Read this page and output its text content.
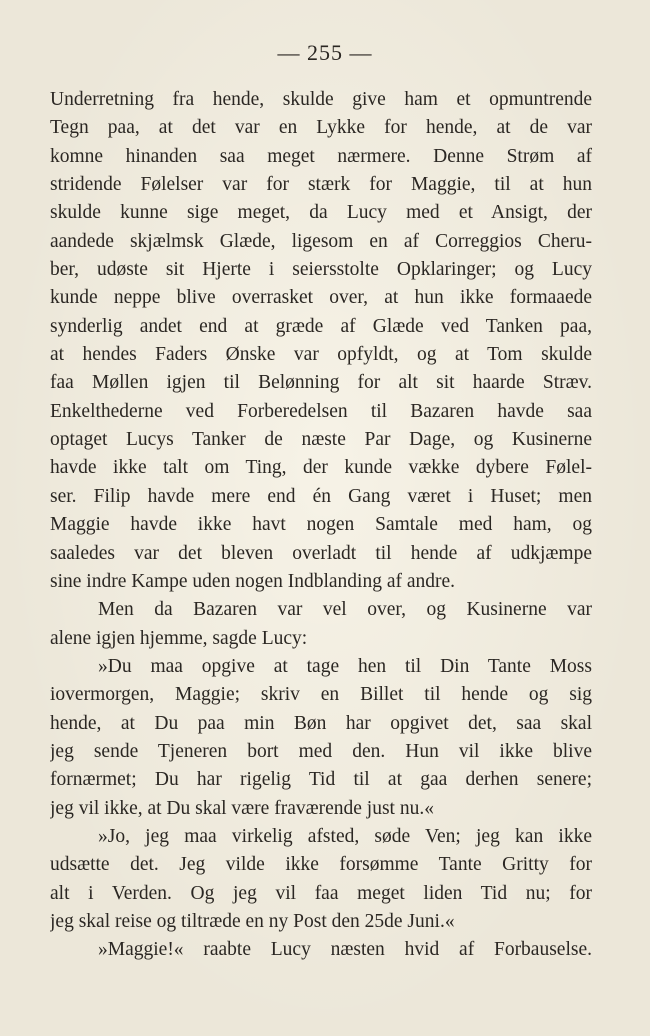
— 255 —
Underretning fra hende, skulde give ham et opmuntrende
Tegn paa, at det var en Lykke for hende, at de var
komne hinanden saa meget nærmere. Denne Strøm af
stridende Følelser var for stærk for Maggie, til at hun
skulde kunne sige meget, da Lucy med et Ansigt, der
aandede skjælmsk Glæde, ligesom en af Correggios Cheru-
ber, udøste sit Hjerte i seiersstolte Opklaringer; og Lucy
kunde neppe blive overrasket over, at hun ikke formaaede
synderlig andet end at græde af Glæde ved Tanken paa,
at hendes Faders Ønske var opfyldt, og at Tom skulde
faa Møllen igjen til Belønning for alt sit haarde Stræv.
Enkelthederne ved Forberedelsen til Bazaren havde saa
optaget Lucys Tanker de næste Par Dage, og Kusinerne
havde ikke talt om Ting, der kunde vække dybere Følel-
ser. Filip havde mere end én Gang været i Huset; men
Maggie havde ikke havt nogen Samtale med ham, og
saaledes var det bleven overladt til hende af udkjæmpe
sine indre Kampe uden nogen Indblanding af andre.
Men da Bazaren var vel over, og Kusinerne var
alene igjen hjemme, sagde Lucy:
»Du maa opgive at tage hen til Din Tante Moss
iovermorgen, Maggie; skriv en Billet til hende og sig
hende, at Du paa min Bøn har opgivet det, saa skal
jeg sende Tjeneren bort med den. Hun vil ikke blive
fornærmet; Du har rigelig Tid til at gaa derhen senere;
jeg vil ikke, at Du skal være fraværende just nu.«
»Jo, jeg maa virkelig afsted, søde Ven; jeg kan ikke
udsætte det. Jeg vilde ikke forsømme Tante Gritty for
alt i Verden. Og jeg vil faa meget liden Tid nu; for
jeg skal reise og tiltræde en ny Post den 25de Juni.«
»Maggie!« raabte Lucy næsten hvid af Forbauselse.
